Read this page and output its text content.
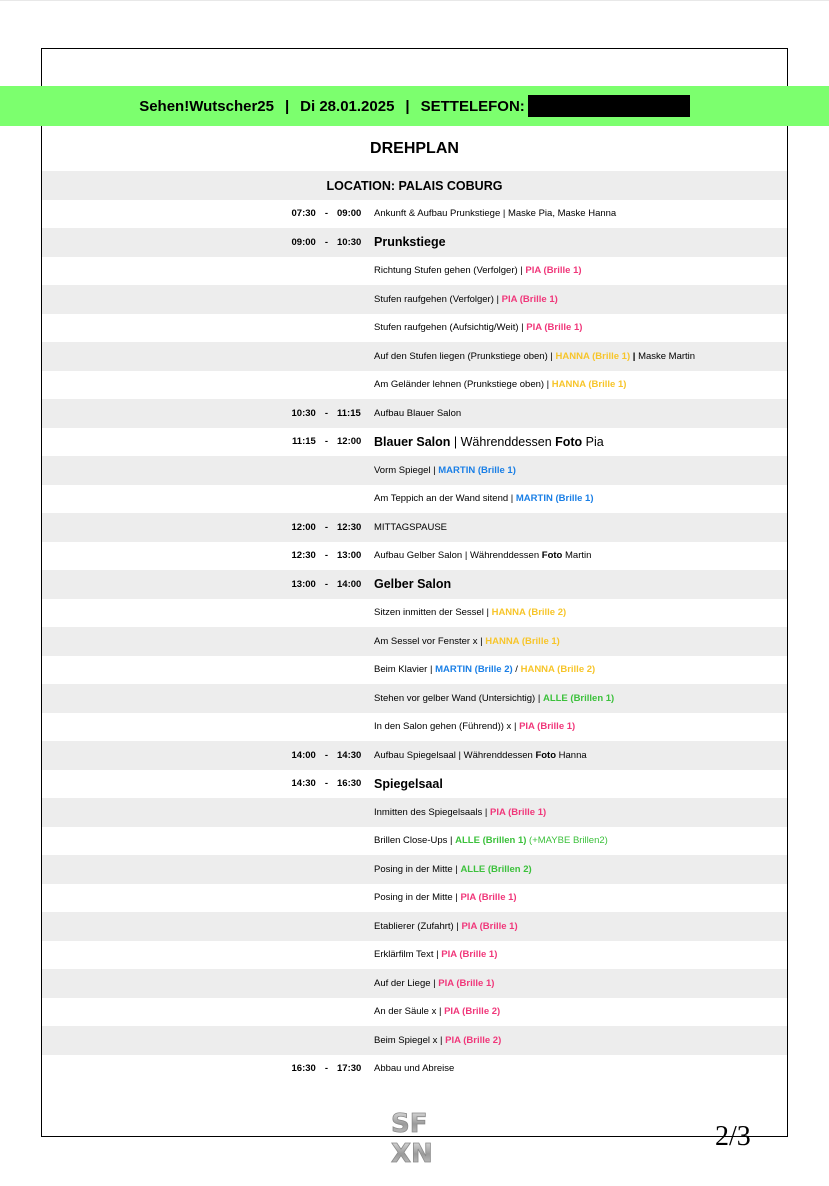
Sehen!Wutscher25 | Di 28.01.2025 | SETTELEFON:
DREHPLAN
LOCATION: PALAIS COBURG
07:30 - 09:00 Ankunft & Aufbau Prunkstiege | Maske Pia, Maske Hanna
09:00 - 10:30 Prunkstiege
Richtung Stufen gehen (Verfolger) | PIA (Brille 1)
Stufen raufgehen (Verfolger) | PIA (Brille 1)
Stufen raufgehen (Aufsichtig/Weit) | PIA (Brille 1)
Auf den Stufen liegen (Prunkstiege oben) | HANNA (Brille 1) | Maske Martin
Am Geländer lehnen (Prunkstiege oben) | HANNA (Brille 1)
10:30 - 11:15	Aufbau Blauer Salon
11:15 - 12:00 Blauer Salon | Währenddessen Foto Pia
Vorm Spiegel | MARTIN (Brille 1)
Am Teppich an der Wand sitend | MARTIN (Brille 1)
12:00 - 12:30 MITTAGSPAUSE
12:30 - 13:00 Aufbau Gelber Salon | Währenddessen Foto Martin
13:00 - 14:00 Gelber Salon
Sitzen inmitten der Sessel | HANNA (Brille 2)
Am Sessel vor Fenster x | HANNA (Brille 1)
Beim Klavier | MARTIN (Brille 2) / HANNA (Brille 2)
Stehen vor gelber Wand (Untersichtig) | ALLE (Brillen 1)
In den Salon gehen (Führend)) x | PIA (Brille 1)
14:00 - 14:30 Aufbau Spiegelsaal | Währenddessen Foto Hanna
14:30 - 16:30 Spiegelsaal
Inmitten des Spiegelsaals | PIA (Brille 1)
Brillen Close-Ups | ALLE (Brillen 1) (+MAYBE Brillen2)
Posing in der Mitte | ALLE (Brillen 2)
Posing in der Mitte | PIA (Brille 1)
Etablierer (Zufahrt) | PIA (Brille 1)
Erklärfilm Text | PIA (Brille 1)
Auf der Liege | PIA (Brille 1)
An der Säule x | PIA (Brille 2)
Beim Spiegel x | PIA (Brille 2)
16:30 - 17:30 Abbau und Abreise
SF
XN
2/3
